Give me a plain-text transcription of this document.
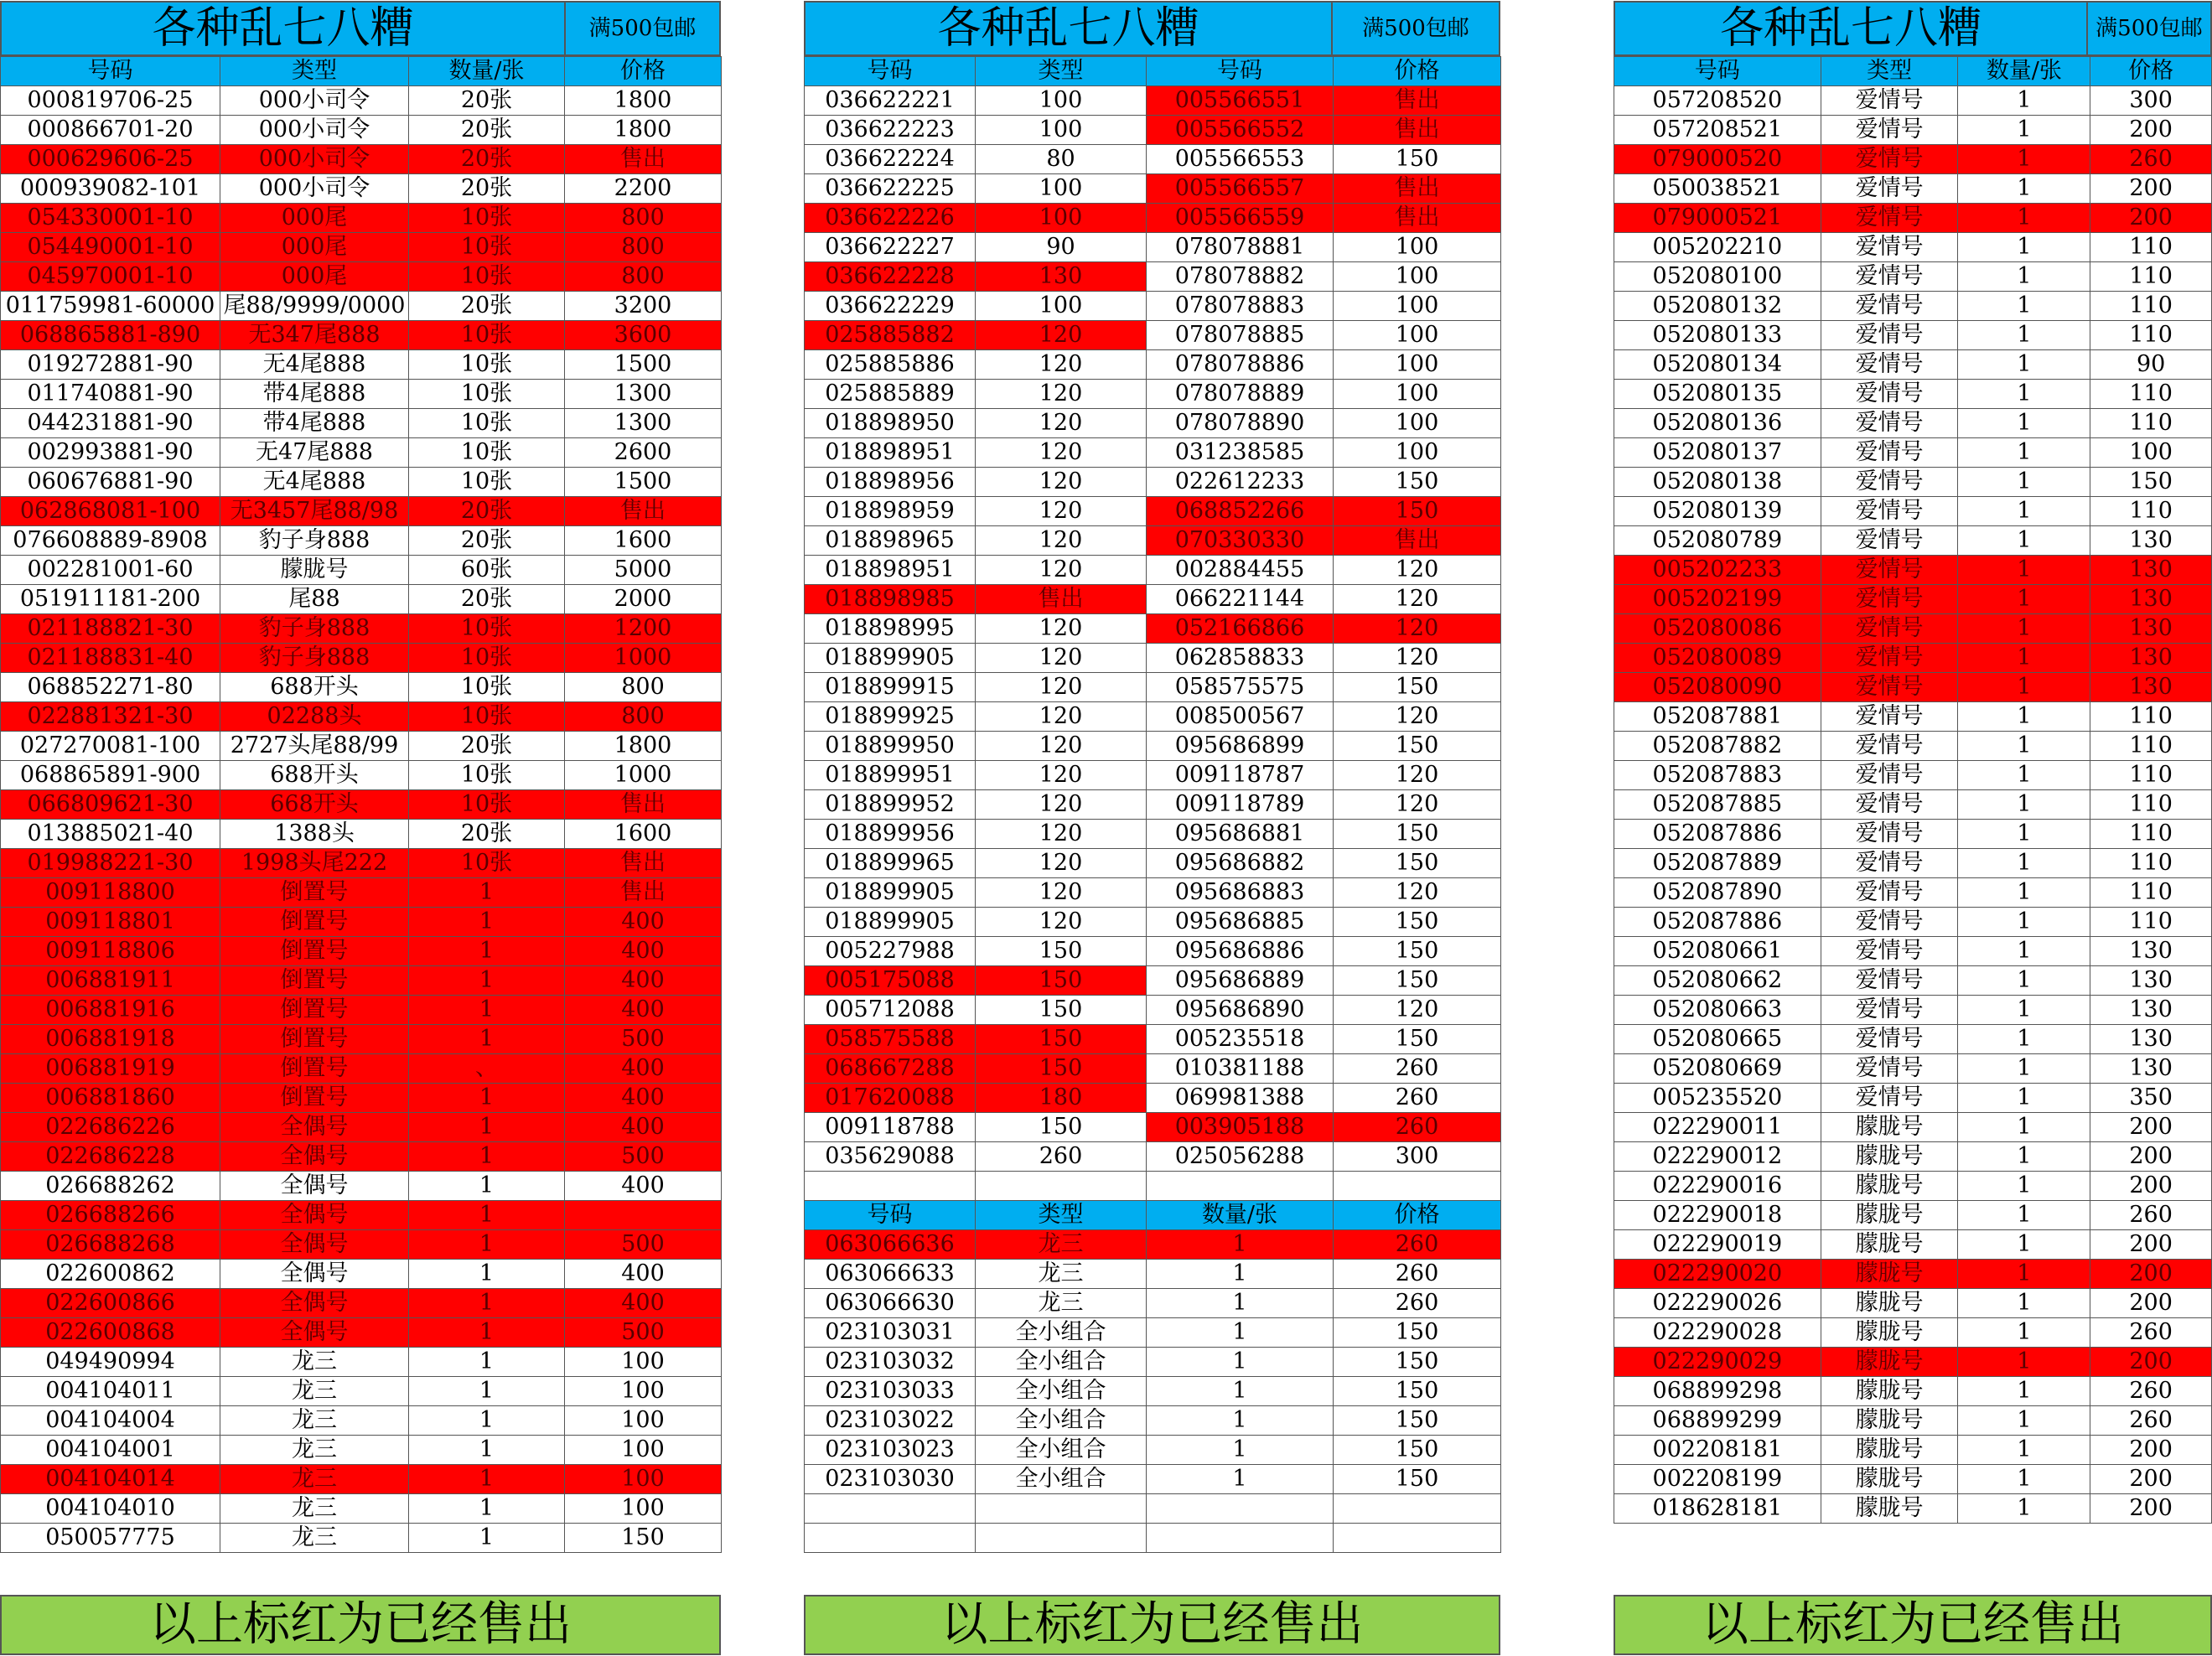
各种乱七八糟	满500包邮
号码	类型	数量/张	价格
000819706-25	000小司令	20张	1800
000866701-20	000小司令	20张	1800
000629606-25	000小司令	20张	售出
000939082-101	000小司令	20张	2200
054330001-10	000尾	10张	800
054490001-10	000尾	10张	800
045970001-10	000尾	10张	800
011759981-60000	尾88/9999/0000	20张	3200
068865881-890	无347尾888	10张	3600
019272881-90	无4尾888	10张	1500
011740881-90	带4尾888	10张	1300
044231881-90	带4尾888	10张	1300
002993881-90	无47尾888	10张	2600
060676881-90	无4尾888	10张	1500
062868081-100	无3457尾88/98	20张	售出
076608889-8908	豹子身888	20张	1600
002281001-60	朦胧号	60张	5000
051911181-200	尾88	20张	2000
021188821-30	豹子身888	10张	1200
021188831-40	豹子身888	10张	1000
068852271-80	688开头	10张	800
022881321-30	02288头	10张	800
027270081-100	2727头尾88/99	20张	1800
068865891-900	688开头	10张	1000
066809621-30	668开头	10张	售出
013885021-40	1388头	20张	1600
019988221-30	1998头尾222	10张	售出
009118800	倒置号	1	售出
009118801	倒置号	1	400
009118806	倒置号	1	400
006881911	倒置号	1	400
006881916	倒置号	1	400
006881918	倒置号	1	500
006881919	倒置号	、	400
006881860	倒置号	1	400
022686226	全偶号	1	400
022686228	全偶号	1	500
026688262	全偶号	1	400
026688266	全偶号	1	
026688268	全偶号	1	500
022600862	全偶号	1	400
022600866	全偶号	1	400
022600868	全偶号	1	500
049490994	龙三	1	100
004104011	龙三	1	100
004104004	龙三	1	100
004104001	龙三	1	100
004104014	龙三	1	100
004104010	龙三	1	100
050057775	龙三	1	150
以上标红为已经售出
各种乱七八糟	满500包邮
号码	类型	号码	价格
036622221	100	005566551	售出
036622223	100	005566552	售出
036622224	80	005566553	150
036622225	100	005566557	售出
036622226	100	005566559	售出
036622227	90	078078881	100
036622228	130	078078882	100
036622229	100	078078883	100
025885882	120	078078885	100
025885886	120	078078886	100
025885889	120	078078889	100
018898950	120	078078890	100
018898951	120	031238585	100
018898956	120	022612233	150
018898959	120	068852266	150
018898965	120	070330330	售出
018898951	120	002884455	120
018898985	售出	066221144	120
018898995	120	052166866	120
018899905	120	062858833	120
018899915	120	058575575	150
018899925	120	008500567	120
018899950	120	095686899	150
018899951	120	009118787	120
018899952	120	009118789	120
018899956	120	095686881	150
018899965	120	095686882	150
018899905	120	095686883	120
018899905	120	095686885	150
005227988	150	095686886	150
005175088	150	095686889	150
005712088	150	095686890	120
058575588	150	005235518	150
068667288	150	010381188	260
017620088	180	069981388	260
009118788	150	003905188	260
035629088	260	025056288	300

号码	类型	数量/张	价格
063066636	龙三	1	260
063066633	龙三	1	260
063066630	龙三	1	260
023103031	全小组合	1	150
023103032	全小组合	1	150
023103033	全小组合	1	150
023103022	全小组合	1	150
023103023	全小组合	1	150
023103030	全小组合	1	150

以上标红为已经售出
各种乱七八糟	满500包邮
号码	类型	数量/张	价格
057208520	爱情号	1	300
057208521	爱情号	1	200
079000520	爱情号	1	260
050038521	爱情号	1	200
079000521	爱情号	1	200
005202210	爱情号	1	110
052080100	爱情号	1	110
052080132	爱情号	1	110
052080133	爱情号	1	110
052080134	爱情号	1	90
052080135	爱情号	1	110
052080136	爱情号	1	110
052080137	爱情号	1	100
052080138	爱情号	1	150
052080139	爱情号	1	110
052080789	爱情号	1	130
005202233	爱情号	1	130
005202199	爱情号	1	130
052080086	爱情号	1	130
052080089	爱情号	1	130
052080090	爱情号	1	130
052087881	爱情号	1	110
052087882	爱情号	1	110
052087883	爱情号	1	110
052087885	爱情号	1	110
052087886	爱情号	1	110
052087889	爱情号	1	110
052087890	爱情号	1	110
052087886	爱情号	1	110
052080661	爱情号	1	130
052080662	爱情号	1	130
052080663	爱情号	1	130
052080665	爱情号	1	130
052080669	爱情号	1	130
005235520	爱情号	1	350
022290011	朦胧号	1	200
022290012	朦胧号	1	200
022290016	朦胧号	1	200
022290018	朦胧号	1	260
022290019	朦胧号	1	200
022290020	朦胧号	1	200
022290026	朦胧号	1	200
022290028	朦胧号	1	260
022290029	朦胧号	1	200
068899298	朦胧号	1	260
068899299	朦胧号	1	260
002208181	朦胧号	1	200
002208199	朦胧号	1	200
018628181	朦胧号	1	200
以上标红为已经售出
